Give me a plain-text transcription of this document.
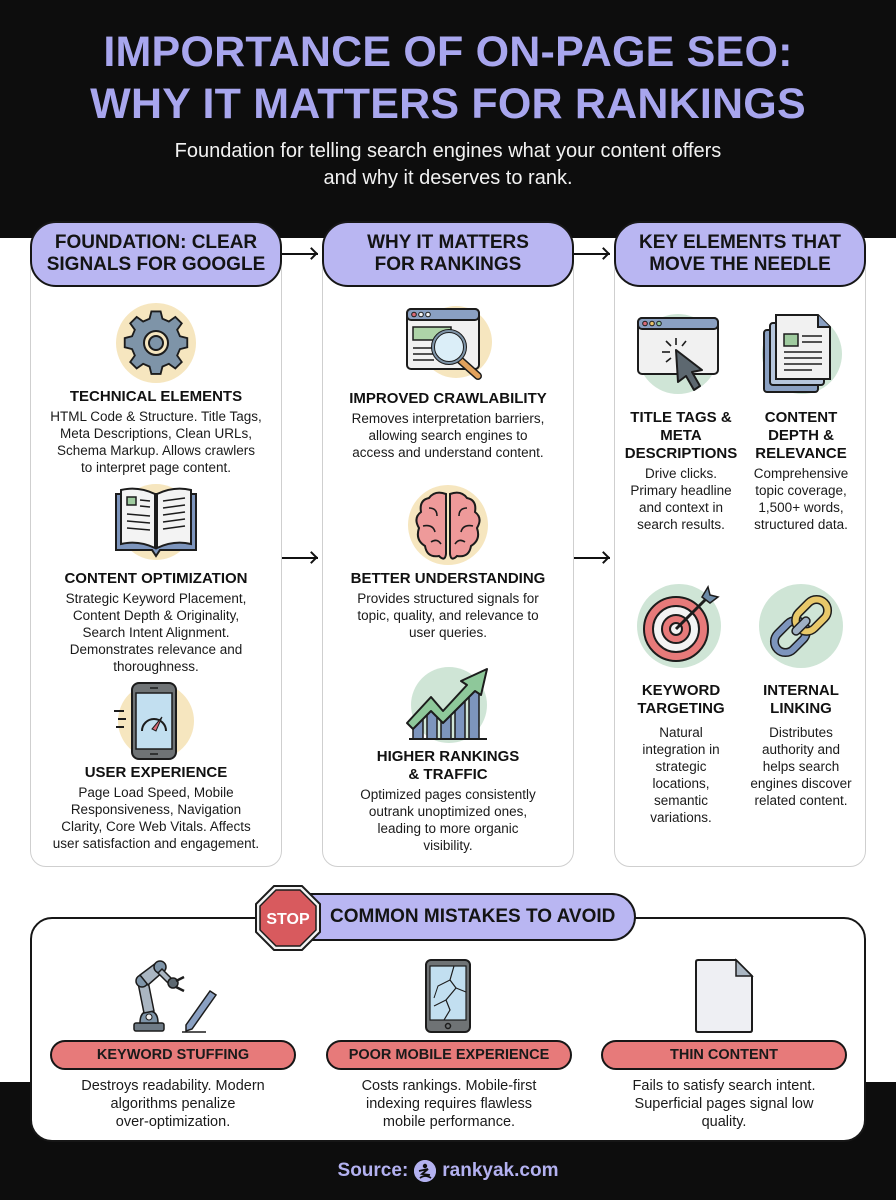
IMPORTANCE OF ON-PAGE SEO:
WHY IT MATTERS FOR RANKINGS
Foundation for telling search engines what your content offers
and why it deserves to rank.
FOUNDATION: CLEAR
SIGNALS FOR GOOGLE
WHY IT MATTERS
FOR RANKINGS
KEY ELEMENTS THAT
MOVE THE NEEDLE
TECHNICAL ELEMENTS
HTML Code & Structure. Title Tags,
Meta Descriptions, Clean URLs,
Schema Markup. Allows crawlers
to interpret page content.
CONTENT OPTIMIZATION
Strategic Keyword Placement,
Content Depth & Originality,
Search Intent Alignment.
Demonstrates relevance and
thoroughness.
USER EXPERIENCE
Page Load Speed, Mobile
Responsiveness, Navigation
Clarity, Core Web Vitals. Affects
user satisfaction and engagement.
IMPROVED CRAWLABILITY
Removes interpretation barriers,
allowing search engines to
access and understand content.
BETTER UNDERSTANDING
Provides structured signals for
topic, quality, and relevance to
user queries.
HIGHER RANKINGS
& TRAFFIC
Optimized pages consistently
outrank unoptimized ones,
leading to more organic
visibility.
TITLE TAGS &
META
DESCRIPTIONS
Drive clicks.
Primary headline
and context in
search results.
CONTENT
DEPTH &
RELEVANCE
Comprehensive
topic coverage,
1,500+ words,
structured data.
KEYWORD
TARGETING
Natural
integration in
strategic
locations,
semantic
variations.
INTERNAL
LINKING
Distributes
authority and
helps search
engines discover
related content.
COMMON MISTAKES TO AVOID
STOP
KEYWORD STUFFING	POOR MOBILE EXPERIENCE	THIN CONTENT
Destroys readability. Modern
algorithms penalize
over-optimization.
Costs rankings. Mobile-first
indexing requires flawless
mobile performance.
Fails to satisfy search intent.
Superficial pages signal low
quality.
Source: rankyak.com
